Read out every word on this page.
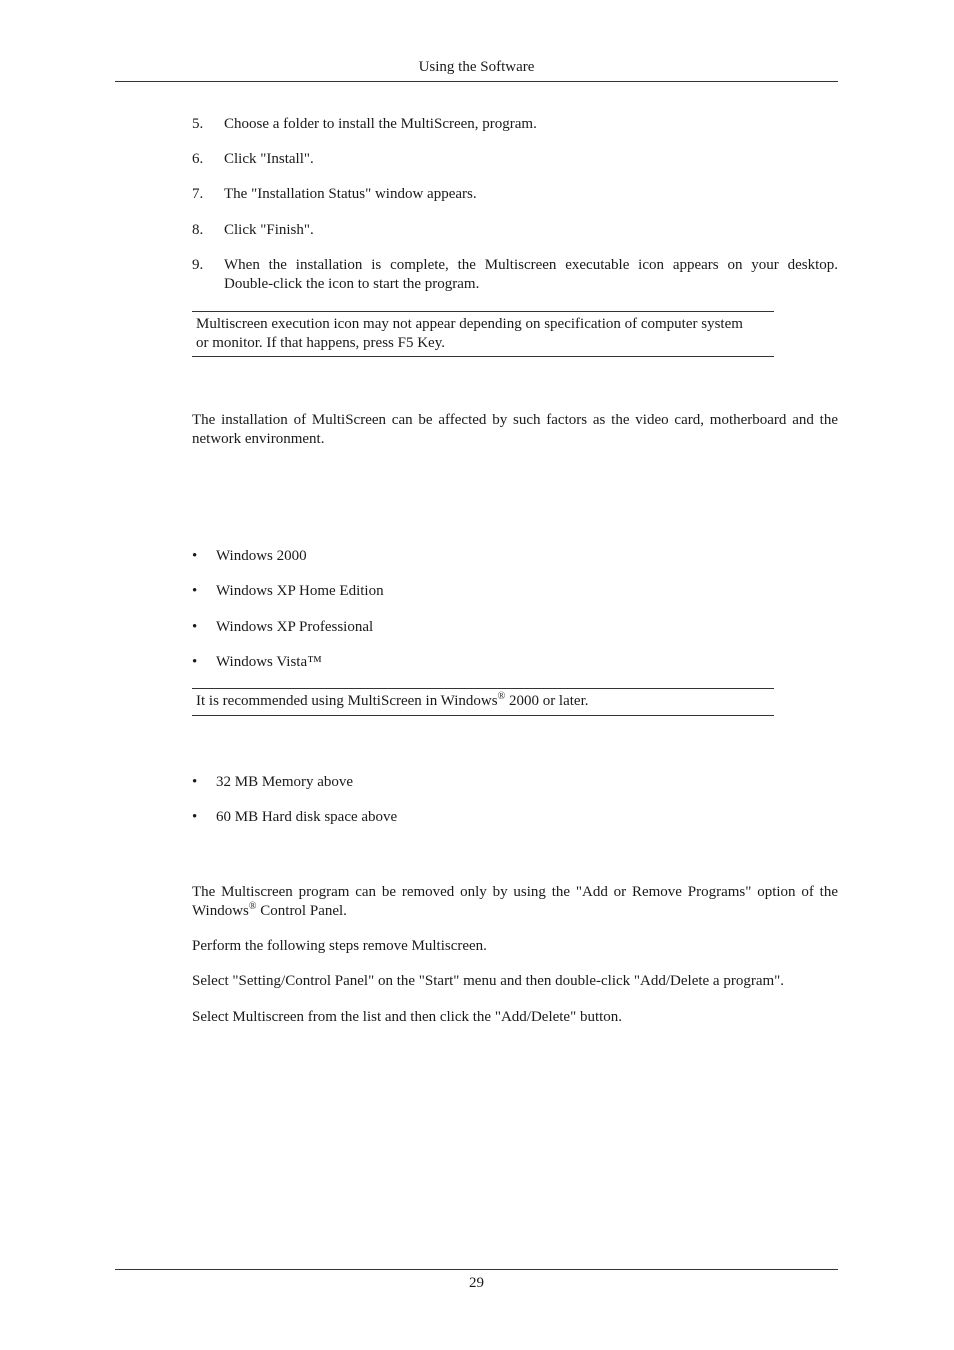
Using the Software
5.	Choose a folder to install the MultiScreen, program.
6.	Click "Install".
7.	The "Installation Status" window appears.
8.	Click "Finish".
9.	When the installation is complete, the Multiscreen executable icon appears on your desktop.
Double-click the icon to start the program.
Multiscreen execution icon may not appear depending on specification of computer system
or monitor. If that happens, press F5 Key.
The installation of MultiScreen can be affected by such factors as the video card, motherboard and the
network environment.
•	Windows 2000
•	Windows XP Home Edition
•	Windows XP Professional
•	Windows Vista™
It is recommended using MultiScreen in Windows® 2000 or later.
•	32 MB Memory above
•	60 MB Hard disk space above
The Multiscreen program can be removed only by using the "Add or Remove Programs" option of the
Windows® Control Panel.
Perform the following steps remove Multiscreen.
Select "Setting/Control Panel" on the "Start" menu and then double-click "Add/Delete a program".
Select Multiscreen from the list and then click the "Add/Delete" button.
29
